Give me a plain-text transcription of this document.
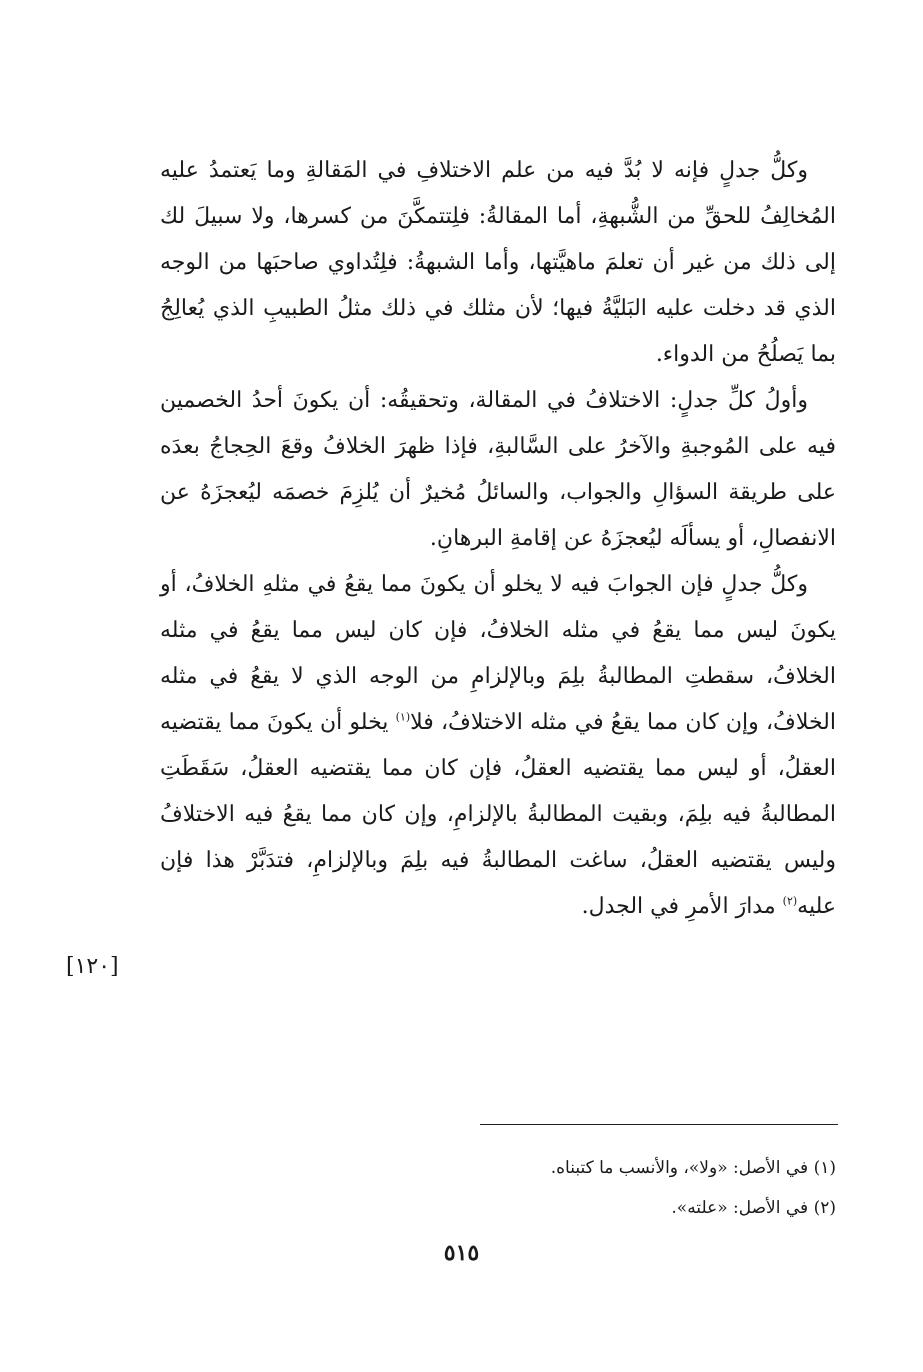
وكلُّ جدلٍ فإنه لا بُدَّ فيه من علم الاختلافِ في المَقالةِ وما يَعتمدُ عليه المُخالِفُ للحقِّ من الشُّبهةِ، أما المقالةُ: فلِتتمكَّنَ من كسرها، ولا سبيلَ لك إلى ذلك من غير أن تعلمَ ماهيَّتها، وأما الشبهةُ: فلِتُداوي صاحبَها من الوجه الذي قد دخلت عليه البَليَّةُ فيها؛ لأن مثلك في ذلك مثلُ الطبيبِ الذي يُعالِجُ بما يَصلُحُ من الدواء.

وأولُ كلِّ جدلٍ: الاختلافُ في المقالة، وتحقيقُه: أن يكونَ أحدُ الخصمين فيه على المُوجبةِ والآخرُ على السَّالبةِ، فإذا ظهرَ الخلافُ وقعَ الحِجاجُ بعدَه على طريقة السؤالِ والجواب، والسائلُ مُخيرٌ أن يُلزِمَ خصمَه ليُعجزَهُ عن الانفصالِ، أو يسألَه ليُعجزَهُ عن إقامةِ البرهانِ.

وكلُّ جدلٍ فإن الجوابَ فيه لا يخلو أن يكونَ مما يقعُ في مثلهِ الخلافُ، أو يكونَ ليس مما يقعُ في مثله الخلافُ، فإن كان ليس مما يقعُ في مثله الخلافُ، سقطتِ المطالبةُ بلِمَ وبالإلزامِ من الوجه الذي لا يقعُ في مثله الخلافُ، وإن كان مما يقعُ في مثله الاختلافُ، فلا$^{(١)}$ يخلو أن يكونَ مما يقتضيه العقلُ، أو ليس مما يقتضيه العقلُ، فإن كان مما يقتضيه العقلُ، سَقَطَتِ المطالبةُ فيه بلِمَ، وبقيت المطالبةُ بالإلزامِ، وإن كان مما يقعُ فيه الاختلافُ وليس يقتضيه العقلُ، ساغت المطالبةُ فيه بلِمَ وبالإلزامِ، فتدَبَّرْ هذا فإن عليه$^{(٢)}$ مدارَ الأمرِ في الجدل.

[١٢٠]

(١) في الأصل: «ولا»، والأنسب ما كتبناه.

(٢) في الأصل: «علته».

٥١٥
